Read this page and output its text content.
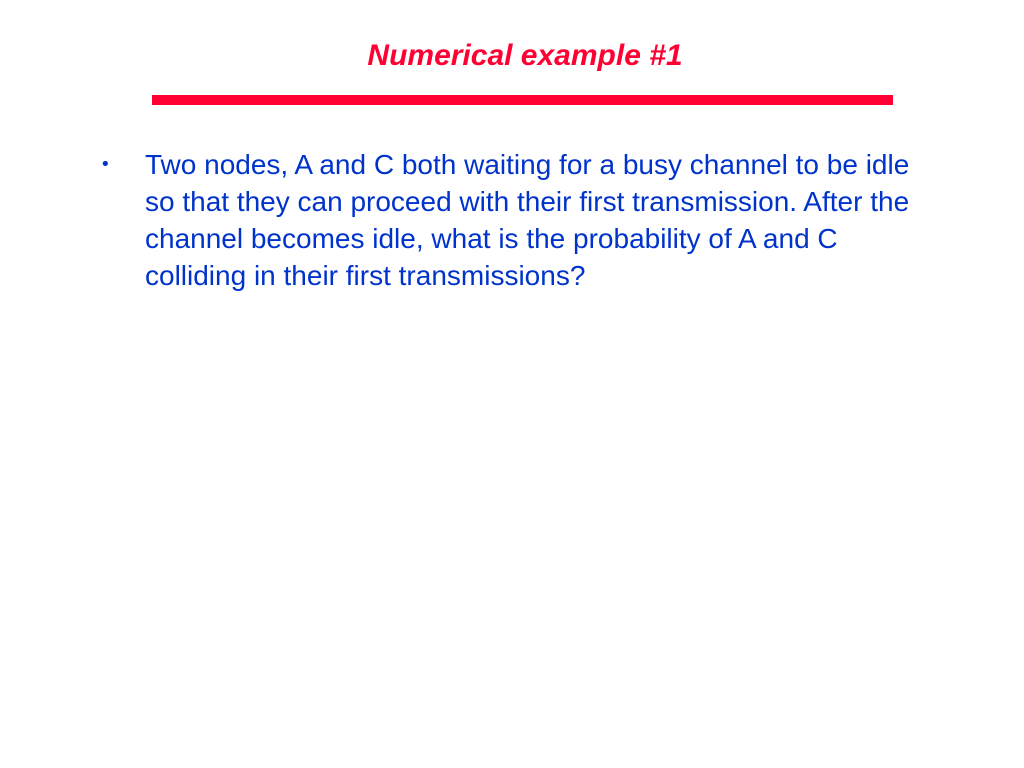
Numerical example #1
•	Two nodes, A and C both waiting for a busy channel to be idle so that they can proceed with their first transmission. After the channel becomes idle, what is the probability of A and C colliding in their first transmissions?
